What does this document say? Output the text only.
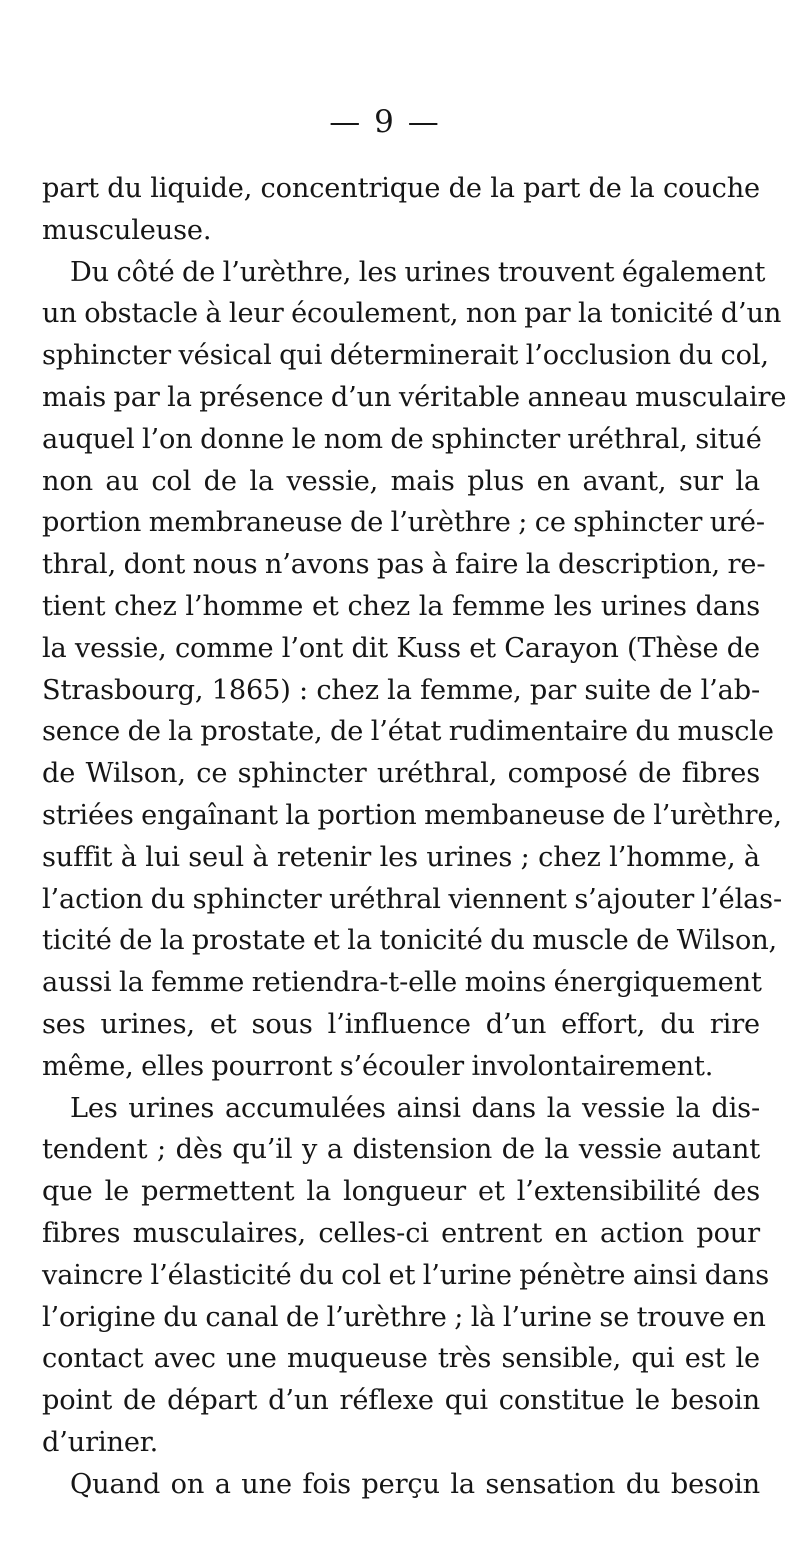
— 9 —
part du liquide, concentrique de la part de la couche
musculeuse.
Du côté de l’urèthre, les urines trouvent également
un obstacle à leur écoulement, non par la tonicité d’un
sphincter vésical qui déterminerait l’occlusion du col,
mais par la présence d’un véritable anneau musculaire
auquel l’on donne le nom de sphincter uréthral, situé
non au col de la vessie, mais plus en avant, sur la
portion membraneuse de l’urèthre ; ce sphincter uré-
thral, dont nous n’avons pas à faire la description, re-
tient chez l’homme et chez la femme les urines dans
la vessie, comme l’ont dit Kuss et Carayon (Thèse de
Strasbourg, 1865) : chez la femme, par suite de l’ab-
sence de la prostate, de l’état rudimentaire du muscle
de Wilson, ce sphincter uréthral, composé de fibres
striées engaînant la portion membaneuse de l’urèthre,
suffit à lui seul à retenir les urines ; chez l’homme, à
l’action du sphincter uréthral viennent s’ajouter l’élas-
ticité de la prostate et la tonicité du muscle de Wilson,
aussi la femme retiendra-t-elle moins énergiquement
ses urines, et sous l’influence d’un effort, du rire
même, elles pourront s’écouler involontairement.
Les urines accumulées ainsi dans la vessie la dis-
tendent ; dès qu’il y a distension de la vessie autant
que le permettent la longueur et l’extensibilité des
fibres musculaires, celles-ci entrent en action pour
vaincre l’élasticité du col et l’urine pénètre ainsi dans
l’origine du canal de l’urèthre ; là l’urine se trouve en
contact avec une muqueuse très sensible, qui est le
point de départ d’un réflexe qui constitue le besoin
d’uriner.
Quand on a une fois perçu la sensation du besoin
